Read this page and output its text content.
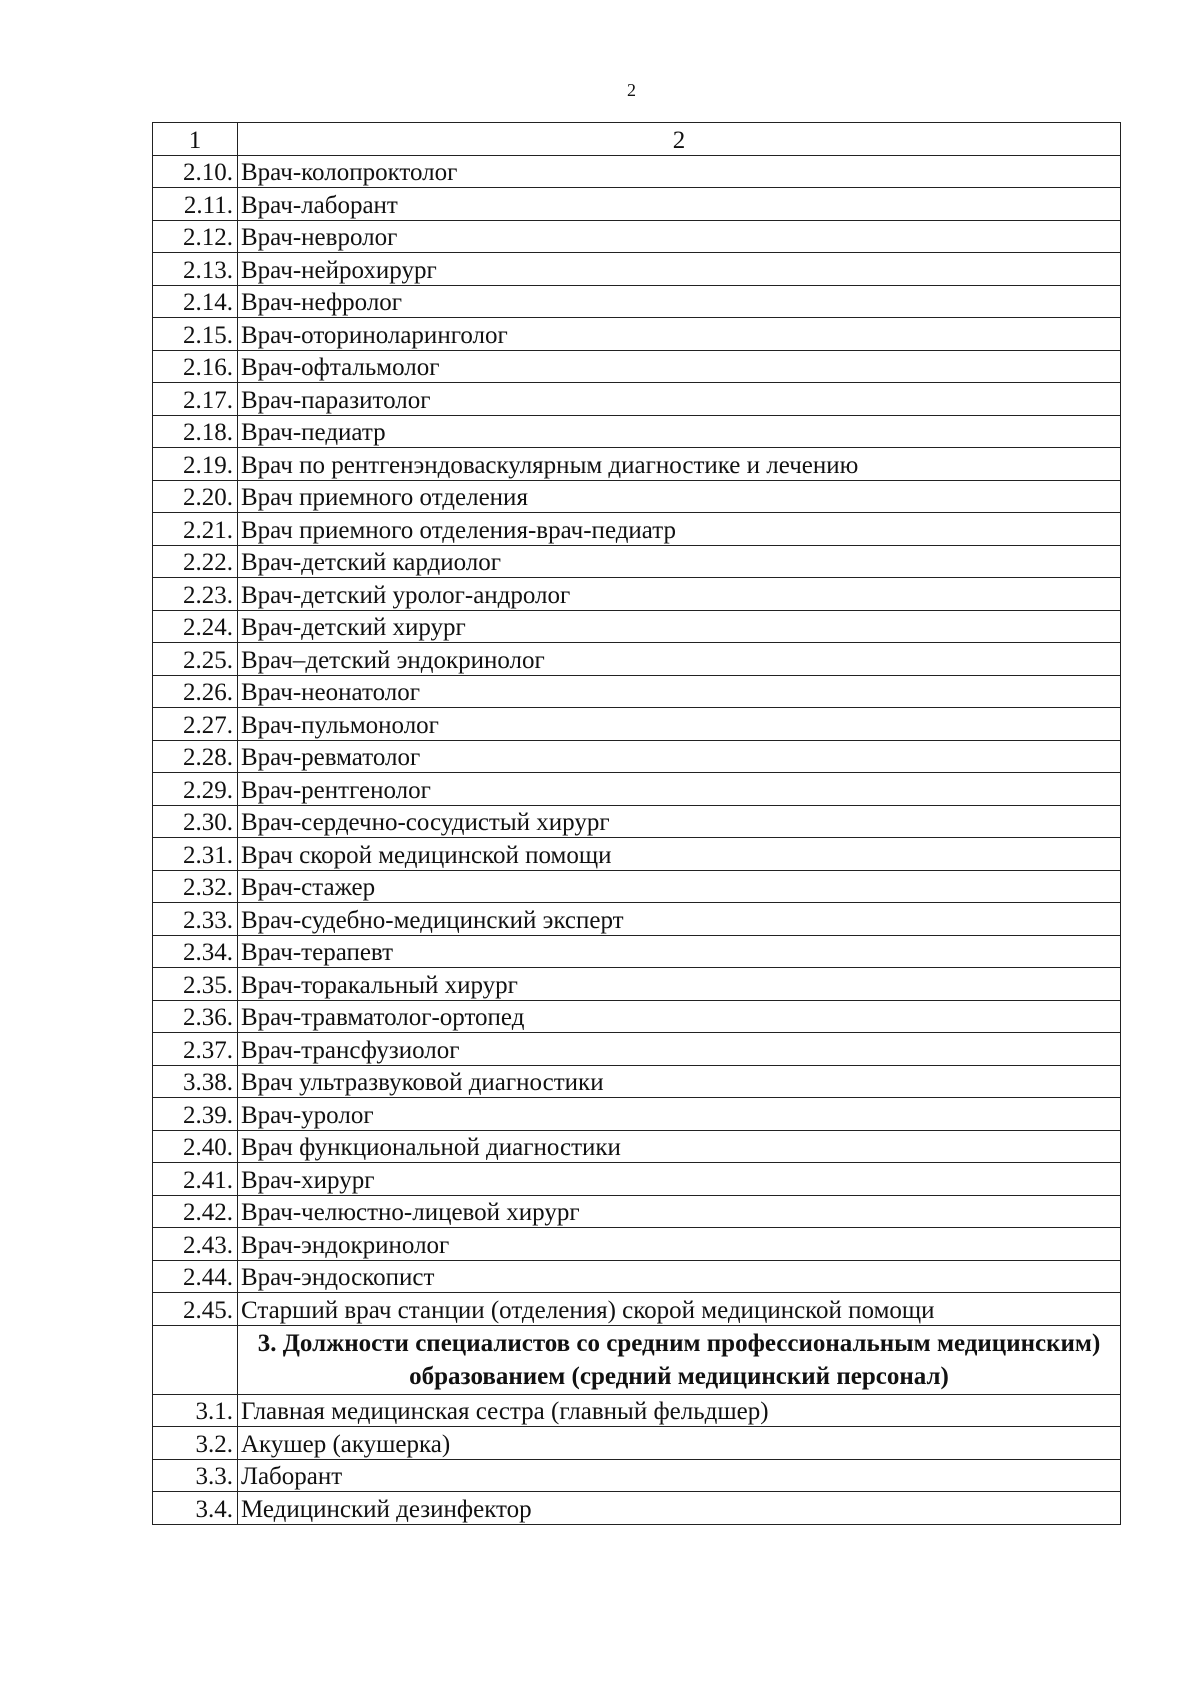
2
1	2
2.10.	Врач-колопроктолог
2.11.	Врач-лаборант
2.12.	Врач-невролог
2.13.	Врач-нейрохирург
2.14.	Врач-нефролог
2.15.	Врач-оториноларинголог
2.16.	Врач-офтальмолог
2.17.	Врач-паразитолог
2.18.	Врач-педиатр
2.19.	Врач по рентгенэндоваскулярным диагностике и лечению
2.20.	Врач приемного отделения
2.21.	Врач приемного отделения-врач-педиатр
2.22.	Врач-детский кардиолог
2.23.	Врач-детский уролог-андролог
2.24.	Врач-детский хирург
2.25.	Врач–детский эндокринолог
2.26.	Врач-неонатолог
2.27.	Врач-пульмонолог
2.28.	Врач-ревматолог
2.29.	Врач-рентгенолог
2.30.	Врач-сердечно-сосудистый хирург
2.31.	Врач скорой медицинской помощи
2.32.	Врач-стажер
2.33.	Врач-судебно-медицинский эксперт
2.34.	Врач-терапевт
2.35.	Врач-торакальный хирург
2.36.	Врач-травматолог-ортопед
2.37.	Врач-трансфузиолог
3.38.	Врач ультразвуковой диагностики
2.39.	Врач-уролог
2.40.	Врач функциональной диагностики
2.41.	Врач-хирург
2.42.	Врач-челюстно-лицевой хирург
2.43.	Врач-эндокринолог
2.44.	Врач-эндоскопист
2.45.	Старший врач станции (отделения) скорой медицинской помощи
	3. Должности специалистов со средним профессиональным медицинским) образованием (средний медицинский персонал)
3.1.	Главная медицинская сестра (главный фельдшер)
3.2.	Акушер (акушерка)
3.3.	Лаборант
3.4.	Медицинский дезинфектор
